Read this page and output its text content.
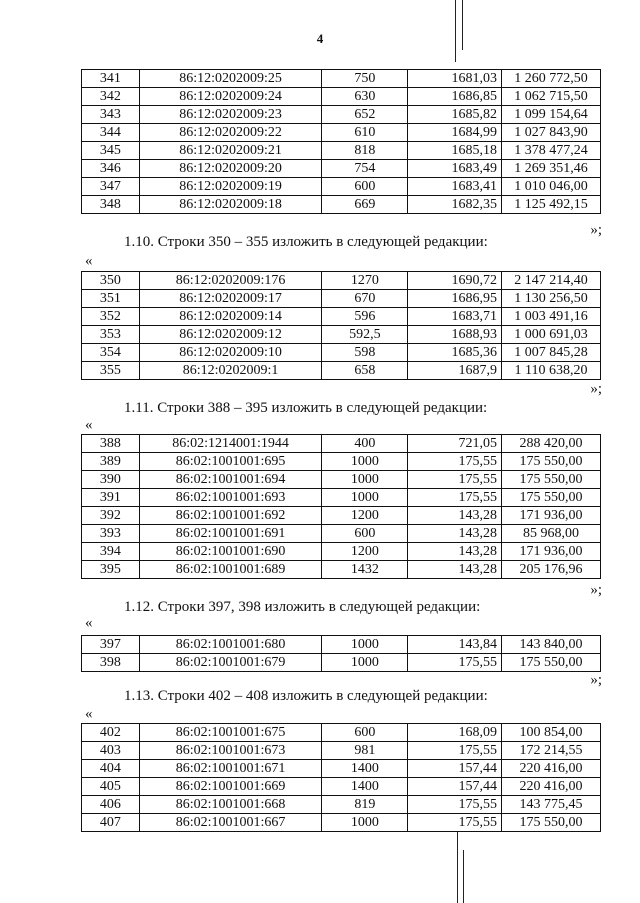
4
341	86:12:0202009:25	750	1681,03	1 260 772,50
342	86:12:0202009:24	630	1686,85	1 062 715,50
343	86:12:0202009:23	652	1685,82	1 099 154,64
344	86:12:0202009:22	610	1684,99	1 027 843,90
345	86:12:0202009:21	818	1685,18	1 378 477,24
346	86:12:0202009:20	754	1683,49	1 269 351,46
347	86:12:0202009:19	600	1683,41	1 010 046,00
348	86:12:0202009:18	669	1682,35	1 125 492,15
»;
1.10. Строки 350 – 355 изложить в следующей редакции:
«
350	86:12:0202009:176	1270	1690,72	2 147 214,40
351	86:12:0202009:17	670	1686,95	1 130 256,50
352	86:12:0202009:14	596	1683,71	1 003 491,16
353	86:12:0202009:12	592,5	1688,93	1 000 691,03
354	86:12:0202009:10	598	1685,36	1 007 845,28
355	86:12:0202009:1	658	1687,9	1 110 638,20
»;
1.11. Строки 388 – 395 изложить в следующей редакции:
«
388	86:02:1214001:1944	400	721,05	288 420,00
389	86:02:1001001:695	1000	175,55	175 550,00
390	86:02:1001001:694	1000	175,55	175 550,00
391	86:02:1001001:693	1000	175,55	175 550,00
392	86:02:1001001:692	1200	143,28	171 936,00
393	86:02:1001001:691	600	143,28	85 968,00
394	86:02:1001001:690	1200	143,28	171 936,00
395	86:02:1001001:689	1432	143,28	205 176,96
»;
1.12. Строки 397, 398 изложить в следующей редакции:
«
397	86:02:1001001:680	1000	143,84	143 840,00
398	86:02:1001001:679	1000	175,55	175 550,00
»;
1.13. Строки 402 – 408 изложить в следующей редакции:
«
402	86:02:1001001:675	600	168,09	100 854,00
403	86:02:1001001:673	981	175,55	172 214,55
404	86:02:1001001:671	1400	157,44	220 416,00
405	86:02:1001001:669	1400	157,44	220 416,00
406	86:02:1001001:668	819	175,55	143 775,45
407	86:02:1001001:667	1000	175,55	175 550,00
